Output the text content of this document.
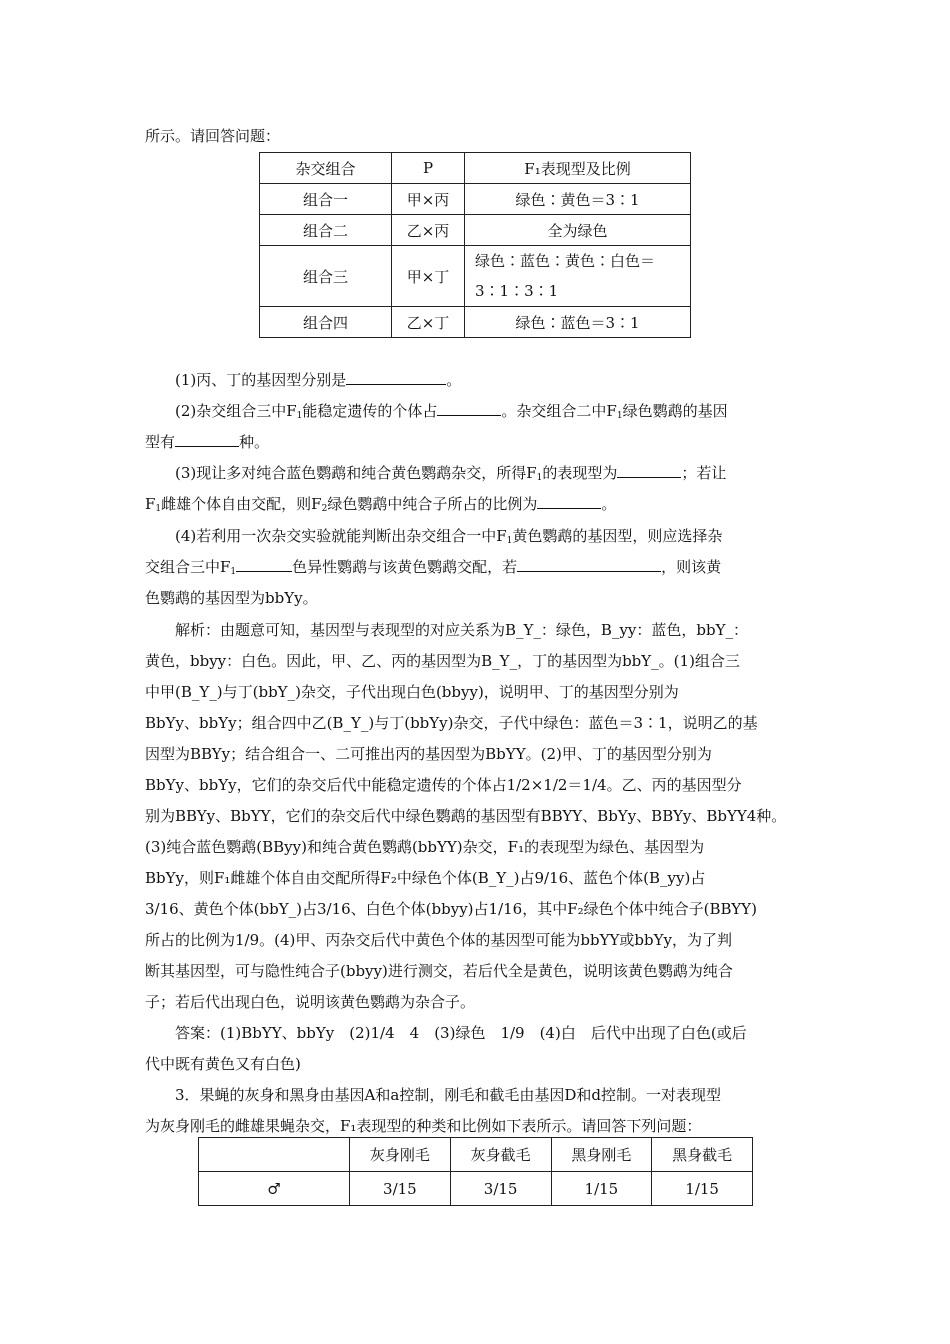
所示。请回答问题：
杂交组合	P	F₁表现型及比例
组合一	甲×丙	绿色∶黄色＝3∶1
组合二	乙×丙	全为绿色
组合三	甲×丁	绿色∶蓝色∶黄色∶白色＝3∶1∶3∶1
组合四	乙×丁	绿色∶蓝色＝3∶1
(1)丙、丁的基因型分别是	。
(2)杂交组合三中$F_1$能稳定遗传的个体占	。杂交组合二中$F_1$绿色鹦鹉的基因
型有	种。
(3)现让多对纯合蓝色鹦鹉和纯合黄色鹦鹉杂交，所得$F_1$的表现型为	；若让
$F_1$雌雄个体自由交配，则$F_2$绿色鹦鹉中纯合子所占的比例为	。
(4)若利用一次杂交实验就能判断出杂交组合一中$F_1$黄色鹦鹉的基因型，则应选择杂
交组合三中$F_1$	色异性鹦鹉与该黄色鹦鹉交配，若	，则该黄
色鹦鹉的基因型为bbYy。
解析：由题意可知，基因型与表现型的对应关系为B_Y_：绿色，B_yy：蓝色，bbY_：
黄色，bbyy：白色。因此，甲、乙、丙的基因型为B_Y_，丁的基因型为bbY_。(1)组合三
中甲(B_Y_)与丁(bbY_)杂交，子代出现白色(bbyy)，说明甲、丁的基因型分别为
BbYy、bbYy；组合四中乙(B_Y_)与丁(bbYy)杂交，子代中绿色：蓝色＝3∶1，说明乙的基
因型为BBYy；结合组合一、二可推出丙的基因型为BbYY。(2)甲、丁的基因型分别为
BbYy、bbYy，它们的杂交后代中能稳定遗传的个体占1/2×1/2＝1/4。乙、丙的基因型分
别为BBYy、BbYY，它们的杂交后代中绿色鹦鹉的基因型有BBYY、BbYy、BBYy、BbYY4种。
(3)纯合蓝色鹦鹉(BByy)和纯合黄色鹦鹉(bbYY)杂交，F₁的表现型为绿色、基因型为
BbYy，则F₁雌雄个体自由交配所得F₂中绿色个体(B_Y_)占9/16、蓝色个体(B_yy)占
3/16、黄色个体(bbY_)占3/16、白色个体(bbyy)占1/16，其中F₂绿色个体中纯合子(BBYY)
所占的比例为1/9。(4)甲、丙杂交后代中黄色个体的基因型可能为bbYY或bbYy，为了判
断其基因型，可与隐性纯合子(bbyy)进行测交，若后代全是黄色，说明该黄色鹦鹉为纯合
子；若后代出现白色，说明该黄色鹦鹉为杂合子。
答案：(1)BbYY、bbYy　(2)1/4　4　(3)绿色　1/9　(4)白　后代中出现了白色(或后
代中既有黄色又有白色)
3．果蝇的灰身和黑身由基因A和a控制，刚毛和截毛由基因D和d控制。一对表现型
为灰身刚毛的雌雄果蝇杂交，F₁表现型的种类和比例如下表所示。请回答下列问题：
	灰身刚毛	灰身截毛	黑身刚毛	黑身截毛
♂	3/15	3/15	1/15	1/15
